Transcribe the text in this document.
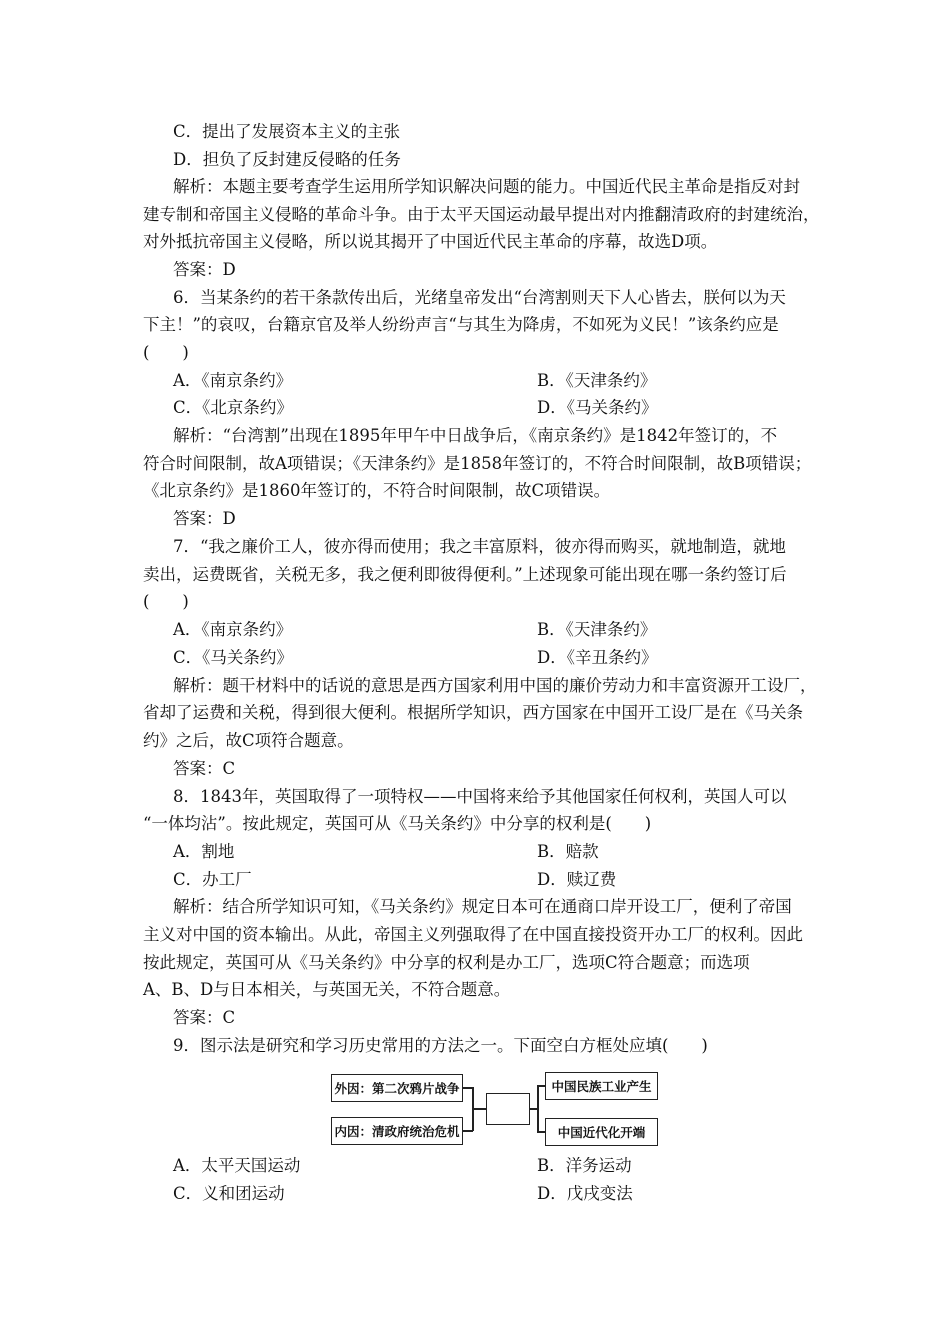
C．提出了发展资本主义的主张
D．担负了反封建反侵略的任务
解析：本题主要考查学生运用所学知识解决问题的能力。中国近代民主革命是指反对封
建专制和帝国主义侵略的革命斗争。由于太平天国运动最早提出对内推翻清政府的封建统治，
对外抵抗帝国主义侵略，所以说其揭开了中国近代民主革命的序幕，故选D项。
答案：D
6．当某条约的若干条款传出后，光绪皇帝发出“台湾割则天下人心皆去，朕何以为天
下主！”的哀叹，台籍京官及举人纷纷声言“与其生为降虏，不如死为义民！”该条约应是
(　　)
A．《南京条约》	B．《天津条约》
C．《北京条约》	D．《马关条约》
解析：“台湾割”出现在1895年甲午中日战争后，《南京条约》是1842年签订的，不
符合时间限制，故A项错误；《天津条约》是1858年签订的，不符合时间限制，故B项错误；
《北京条约》是1860年签订的，不符合时间限制，故C项错误。
答案：D
7．“我之廉价工人，彼亦得而使用；我之丰富原料，彼亦得而购买，就地制造，就地
卖出，运费既省，关税无多，我之便利即彼得便利。”上述现象可能出现在哪一条约签订后
(　　)
A．《南京条约》	B．《天津条约》
C．《马关条约》	D．《辛丑条约》
解析：题干材料中的话说的意思是西方国家利用中国的廉价劳动力和丰富资源开工设厂，
省却了运费和关税，得到很大便利。根据所学知识，西方国家在中国开工设厂是在《马关条
约》之后，故C项符合题意。
答案：C
8．1843年，英国取得了一项特权——中国将来给予其他国家任何权利，英国人可以
“一体均沾”。按此规定，英国可从《马关条约》中分享的权利是(　　)
A．割地	B．赔款
C．办工厂	D．赎辽费
解析：结合所学知识可知，《马关条约》规定日本可在通商口岸开设工厂，便利了帝国
主义对中国的资本输出。从此，帝国主义列强取得了在中国直接投资开办工厂的权利。因此
按此规定，英国可从《马关条约》中分享的权利是办工厂，选项C符合题意；而选项
A、B、D与日本相关，与英国无关，不符合题意。
答案：C
9．图示法是研究和学习历史常用的方法之一。下面空白方框处应填(　　)
外因：第二次鸦片战争
内因：清政府统治危机
中国民族工业产生
中国近代化开端
A．太平天国运动	B．洋务运动
C．义和团运动	D．戊戌变法
